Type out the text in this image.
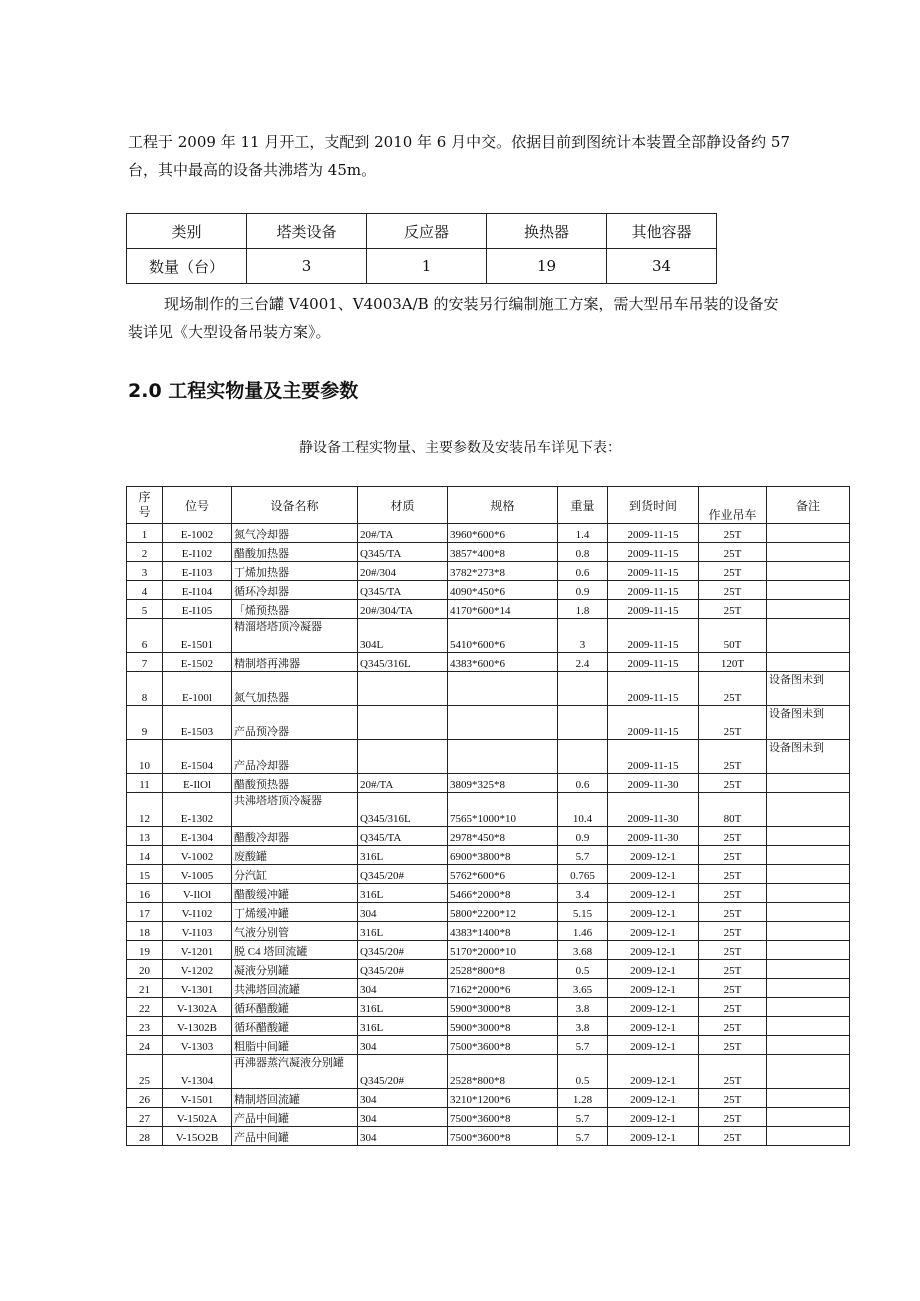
工程于 2009 年 11 月开工，支配到 2010 年 6 月中交。依据目前到图统计本装置全部静设备约 57
台，其中最高的设备共沸塔为 45m。

类别	塔类设备	反应器	换热器	其他容器
数量（台）	3	1	19	34

现场制作的三台罐 V4001、V4003A/B 的安装另行编制施工方案，需大型吊车吊装的设备安
装详见《大型设备吊装方案》。

2.0 工程实物量及主要参数

静设备工程实物量、主要参数及安装吊车详见下表：

序号	位号	设备名称	材质	规格	重量	到货时间	作业吊车	备注
1	E-1002	氮气冷却器	20#/TA	3960*600*6	1.4	2009-11-15	25T	
2	E-I102	醋酸加热器	Q345/TA	3857*400*8	0.8	2009-11-15	25T	
3	E-I103	丁烯加热器	20#/304	3782*273*8	0.6	2009-11-15	25T	
4	E-I104	循环冷却器	Q345/TA	4090*450*6	0.9	2009-11-15	25T	
5	E-I105	「烯预热器	20#/304/TA	4170*600*14	1.8	2009-11-15	25T	
6	E-1501	精溜塔塔顶冷凝器	304L	5410*600*6	3	2009-11-15	50T	
7	E-1502	精制塔再沸器	Q345/316L	4383*600*6	2.4	2009-11-15	120T	
8	E-100l	氮气加热器				2009-11-15	25T	设备图未到
9	E-1503	产品预冷器				2009-11-15	25T	设备图未到
10	E-1504	产品冷却器				2009-11-15	25T	设备图未到
11	E-IlOl	醋酸预热器	20#/TA	3809*325*8	0.6	2009-11-30	25T	
12	E-1302	共沸塔塔顶冷凝器	Q345/316L	7565*1000*10	10.4	2009-11-30	80T	
13	E-1304	醋酸冷却器	Q345/TA	2978*450*8	0.9	2009-11-30	25T	
14	V-1002	废酸罐	316L	6900*3800*8	5.7	2009-12-1	25T	
15	V-1005	分汽缸	Q345/20#	5762*600*6	0.765	2009-12-1	25T	
16	V-IlOl	醋酸缓冲罐	316L	5466*2000*8	3.4	2009-12-1	25T	
17	V-I102	丁烯缓冲罐	304	5800*2200*12	5.15	2009-12-1	25T	
18	V-I103	气液分别管	316L	4383*1400*8	1.46	2009-12-1	25T	
19	V-1201	脱 C4 塔回流罐	Q345/20#	5170*2000*10	3.68	2009-12-1	25T	
20	V-1202	凝液分别罐	Q345/20#	2528*800*8	0.5	2009-12-1	25T	
21	V-1301	共沸塔回流罐	304	7162*2000*6	3.65	2009-12-1	25T	
22	V-1302A	循环醋酸罐	316L	5900*3000*8	3.8	2009-12-1	25T	
23	V-1302B	循环醋酸罐	316L	5900*3000*8	3.8	2009-12-1	25T	
24	V-1303	粗脂中间罐	304	7500*3600*8	5.7	2009-12-1	25T	
25	V-1304	再沸器蒸汽凝液分别罐	Q345/20#	2528*800*8	0.5	2009-12-1	25T	
26	V-1501	精制塔回流罐	304	3210*1200*6	1.28	2009-12-1	25T	
27	V-1502A	产品中间罐	304	7500*3600*8	5.7	2009-12-1	25T	
28	V-15O2B	产品中间罐	304	7500*3600*8	5.7	2009-12-1	25T	
